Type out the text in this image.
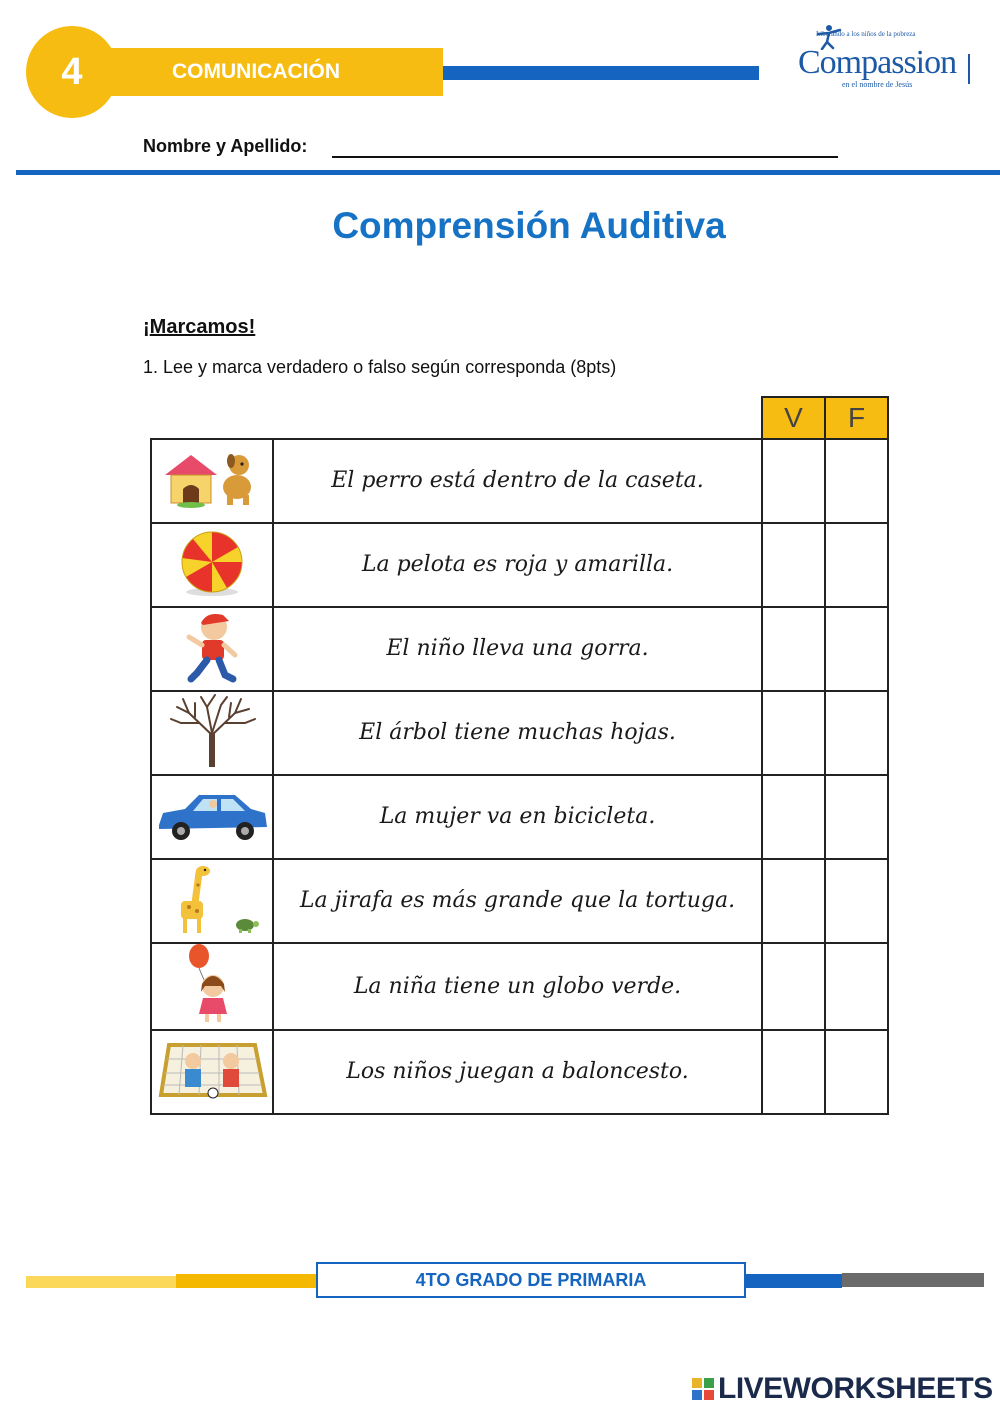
COMUNICACIÓN
4
Liberando a los niños de la pobreza
Compassion
en el nombre de Jesús
Nombre y Apellido:
Comprensión Auditiva
¡Marcamos!
1. Lee y marca verdadero o falso según corresponda (8pts)
V F
	El perro está dentro de la caseta.		
	La pelota es roja y amarilla.		
	El niño lleva una gorra.		
	El árbol tiene muchas hojas.		
	La mujer va en bicicleta.		
	La jirafa es más grande que la tortuga.		
	La niña tiene un globo verde.		
	Los niños juegan a baloncesto.		
4TO GRADO DE PRIMARIA
LIVEWORKSHEETS
